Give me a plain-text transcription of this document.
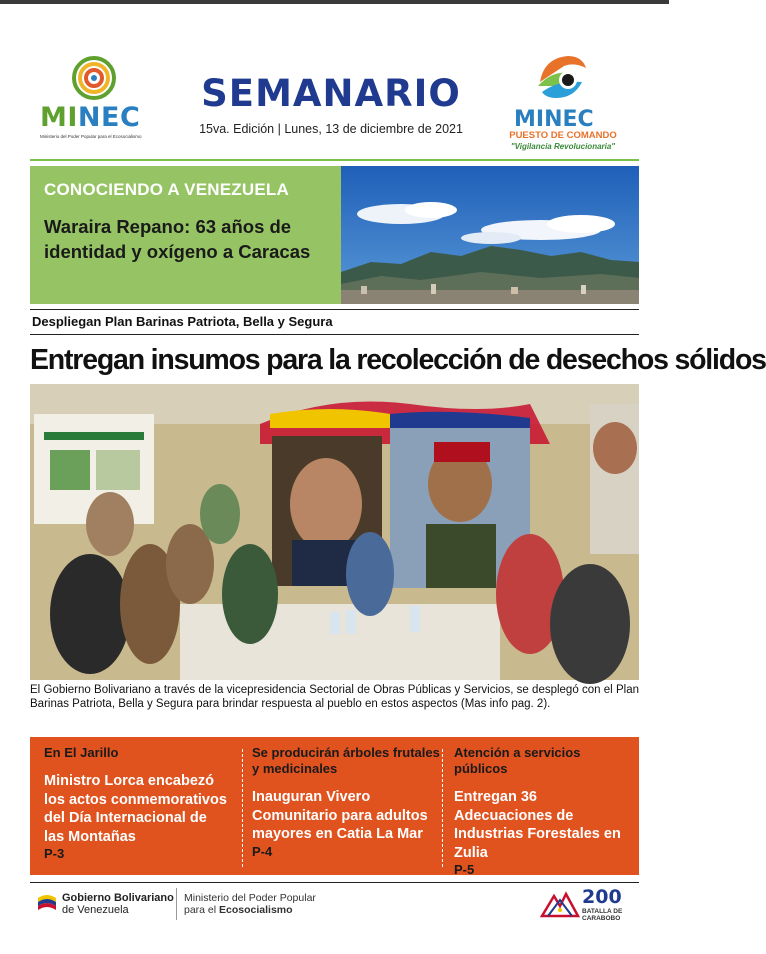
MINEC
Ministerio del Poder Popular para el Ecosocialismo
SEMANARIO
15va. Edición | Lunes, 13 de diciembre de 2021	MINEC
PUESTO DE COMANDO
"Vigilancia Revolucionaria"
CONOCIENDO A VENEZUELA
Waraira Repano: 63 años de identidad y oxígeno a Caracas
Despliegan Plan Barinas Patriota, Bella y Segura
Entregan insumos para la recolección de desechos sólidos
El Gobierno Bolivariano a través de la vicepresidencia Sectorial de Obras Públicas y Servicios, se desplegó con el Plan Barinas Patriota, Bella y Segura para brindar respuesta al pueblo en estos aspectos (Mas info pag. 2).
En El Jarillo
Ministro Lorca encabezó los actos conmemorativos del Día Internacional de las Montañas
P-3
Se producirán árboles frutales y medicinales
Inauguran Vivero Comunitario para adultos mayores en Catia La Mar
P-4
Atención a servicios públicos
Entregan 36 Adecuaciones de Industrias Forestales en Zulia
P-5
Gobierno Bolivariano
de Venezuela
Ministerio del Poder Popular
para el Ecosocialismo
200
BATALLA DE
CARABOBO
